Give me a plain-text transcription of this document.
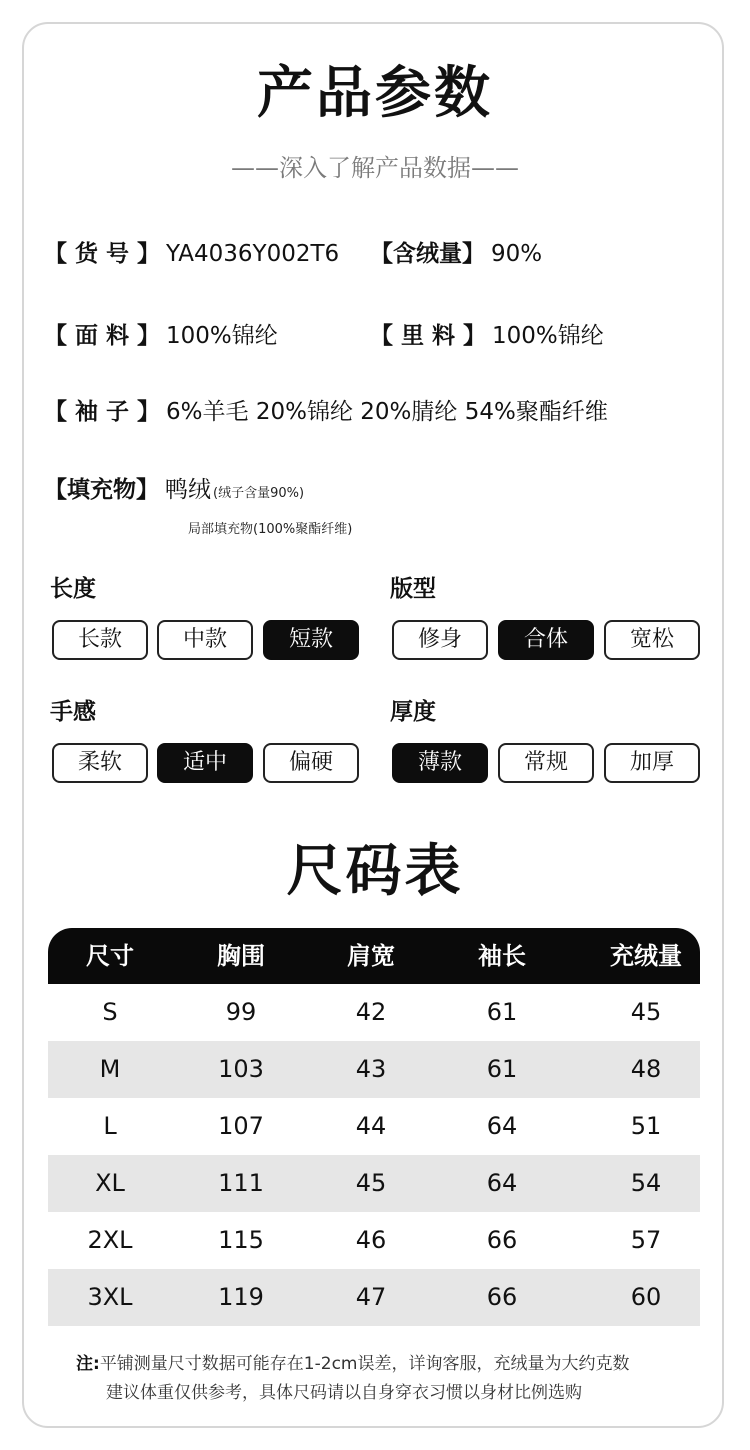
产品参数
——深入了解产品数据——
【 货 号 】 YA4036Y002T6 【含绒量】 90%
【 面 料 】 100%锦纶	【 里 料 】 100%锦纶
【 袖 子 】 6%羊毛 20%锦纶 20%腈纶 54%聚酯纤维
【填充物】 鸭绒 (绒子含量90%)
局部填充物(100%聚酯纤维)
长度
长款	中款	短款
版型
修身	合体	宽松
手感
柔软	适中	偏硬
厚度
薄款	常规	加厚
尺码表
尺寸	胸围	肩宽	袖长	充绒量
S	99	42	61	45
M	103	43	61	48
L	107	44	64	51
XL	111	45	64	54
2XL	115	46	66	57
3XL	119	47	66	60
注:平铺测量尺寸数据可能存在1-2cm误差，详询客服，充绒量为大约克数
建议体重仅供参考，具体尺码请以自身穿衣习惯以身材比例选购
